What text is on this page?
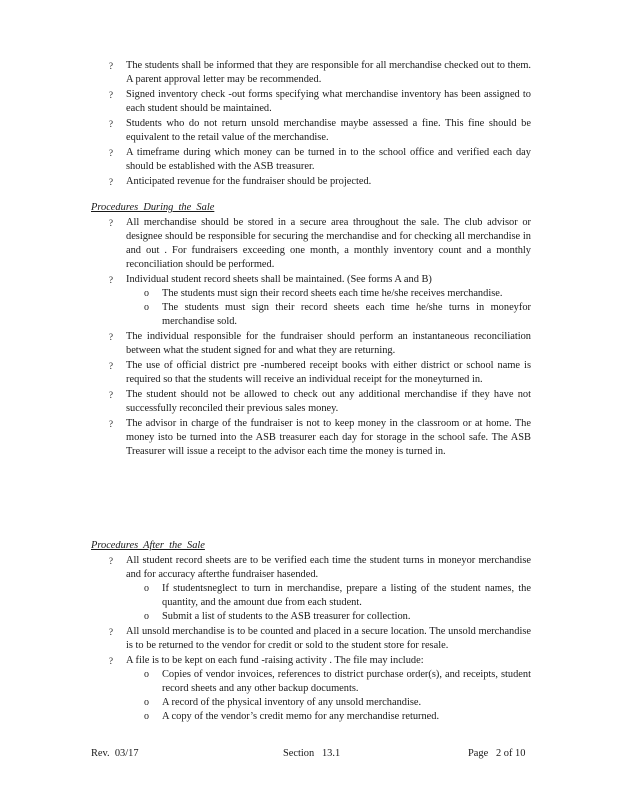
? The students shall be informed that they are responsible for all merchandise checked out to them. A parent approval letter may be recommended.
? Signed inventory check -out forms specifying what merchandise inventory has been assigned to each student should be maintained.
? Students who do not return unsold merchandise maybe assessed a fine. This fine should be equivalent to the retail value of the merchandise.
? A timeframe during which money can be turned in to the school office and verified each day should be established with the ASB treasurer.
? Anticipated revenue for the fundraiser should be projected.
Procedures  During  the  Sale
? All merchandise should be stored in a secure area throughout the sale. The club advisor or designee should be responsible for securing the merchandise and for checking all merchandise in and out . For fundraisers exceeding one month, a monthly inventory count and a monthly reconciliation should be performed.
? Individual student record sheets shall be maintained. (See forms A and B)
o The students must sign their record sheets each time he/she receives merchandise.
o The students must sign their record sheets each time he/she turns in moneyfor merchandise sold.
? The individual responsible for the fundraiser should perform an instantaneous reconciliation between what the student signed for and what they are returning.
? The use of official district pre -numbered receipt books with either district or school name is required so that the students will receive an individual receipt for the moneyturned in.
? The student should not be allowed to check out any additional merchandise if they have not successfully reconciled their previous sales money.
? The advisor in charge of the fundraiser is not to keep money in the classroom or at home. The money isto be turned into the ASB treasurer each day for storage in the school safe. The ASB Treasurer will issue a receipt to the advisor each time the money is turned in.
Procedures  After  the  Sale
? All student record sheets are to be verified each time the student turns in moneyor merchandise and for accuracy afterthe fundraiser hasended.
o If studentsneglect to turn in merchandise, prepare a listing of the student names, the quantity, and the amount due from each student.
o Submit a list of students to the ASB treasurer for collection.
? All unsold merchandise is to be counted and placed in a secure location. The unsold merchandise is to be returned to the vendor for credit or sold to the student store for resale.
? A file is to be kept on each fund -raising activity . The file may include:
o Copies of vendor invoices, references to district purchase order(s), and receipts, student record sheets and any other backup documents.
o A record of the physical inventory of any unsold merchandise.
o A copy of the vendor’s credit memo for any merchandise returned.
Rev.  03/17	Section   13.1	Page   2 of 10
